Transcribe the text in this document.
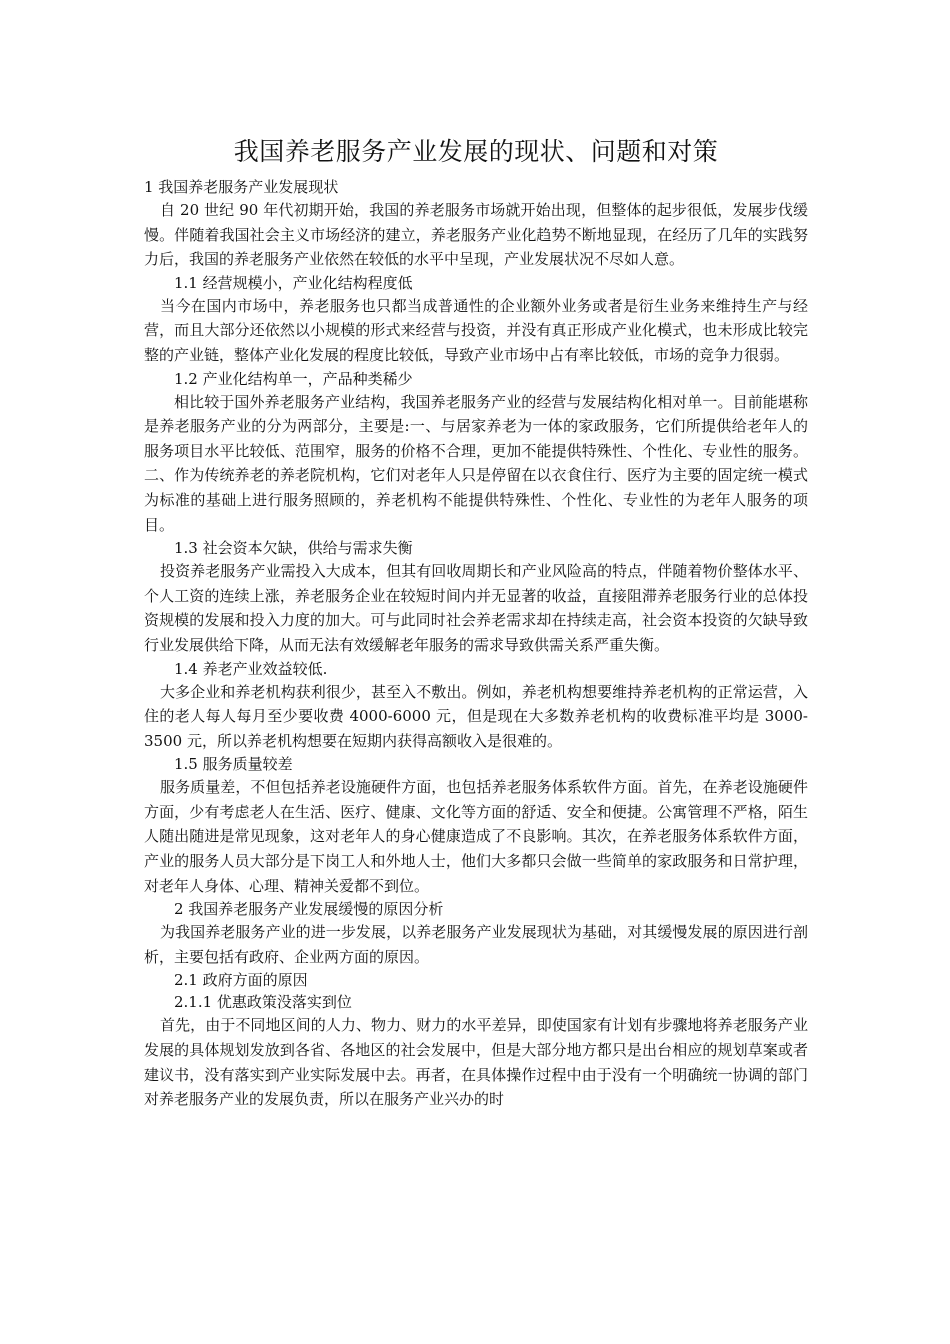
我国养老服务产业发展的现状、问题和对策

1 我国养老服务产业发展现状

自 20 世纪 90 年代初期开始，我国的养老服务市场就开始出现，但整体的起步很低，发展步伐缓慢。伴随着我国社会主义市场经济的建立，养老服务产业化趋势不断地显现，在经历了几年的实践努力后，我国的养老服务产业依然在较低的水平中呈现，产业发展状况不尽如人意。

1.1 经营规模小，产业化结构程度低

当今在国内市场中，养老服务也只都当成普通性的企业额外业务或者是衍生业务来维持生产与经营，而且大部分还依然以小规模的形式来经营与投资，并没有真正形成产业化模式，也未形成比较完整的产业链，整体产业化发展的程度比较低，导致产业市场中占有率比较低，市场的竞争力很弱。

1.2 产业化结构单一，产品种类稀少

相比较于国外养老服务产业结构，我国养老服务产业的经营与发展结构化相对单一。目前能堪称是养老服务产业的分为两部分，主要是:一、与居家养老为一体的家政服务，它们所提供给老年人的服务项目水平比较低、范围窄，服务的价格不合理，更加不能提供特殊性、个性化、专业性的服务。二、作为传统养老的养老院机构，它们对老年人只是停留在以衣食住行、医疗为主要的固定统一模式为标准的基础上进行服务照顾的，养老机构不能提供特殊性、个性化、专业性的为老年人服务的项目。

1.3 社会资本欠缺，供给与需求失衡

投资养老服务产业需投入大成本，但其有回收周期长和产业风险高的特点，伴随着物价整体水平、个人工资的连续上涨，养老服务企业在较短时间内并无显著的收益，直接阻滞养老服务行业的总体投资规模的发展和投入力度的加大。可与此同时社会养老需求却在持续走高，社会资本投资的欠缺导致行业发展供给下降，从而无法有效缓解老年服务的需求导致供需关系严重失衡。

1.4 养老产业效益较低.

大多企业和养老机构获利很少，甚至入不敷出。例如，养老机构想要维持养老机构的正常运营，入住的老人每人每月至少要收费 4000-6000 元，但是现在大多数养老机构的收费标准平均是 3000-3500 元，所以养老机构想要在短期内获得高额收入是很难的。

1.5 服务质量较差

服务质量差，不但包括养老设施硬件方面，也包括养老服务体系软件方面。首先，在养老设施硬件方面，少有考虑老人在生活、医疗、健康、文化等方面的舒适、安全和便捷。公寓管理不严格，陌生人随出随进是常见现象，这对老年人的身心健康造成了不良影响。其次，在养老服务体系软件方面，产业的服务人员大部分是下岗工人和外地人士，他们大多都只会做一些简单的家政服务和日常护理，对老年人身体、心理、精神关爱都不到位。

2 我国养老服务产业发展缓慢的原因分析

为我国养老服务产业的进一步发展，以养老服务产业发展现状为基础，对其缓慢发展的原因进行剖析，主要包括有政府、企业两方面的原因。

2.1 政府方面的原因

2.1.1 优惠政策没落实到位

首先，由于不同地区间的人力、物力、财力的水平差异，即使国家有计划有步骤地将养老服务产业发展的具体规划发放到各省、各地区的社会发展中，但是大部分地方都只是出台相应的规划草案或者建议书，没有落实到产业实际发展中去。再者，在具体操作过程中由于没有一个明确统一协调的部门对养老服务产业的发展负责，所以在服务产业兴办的时
